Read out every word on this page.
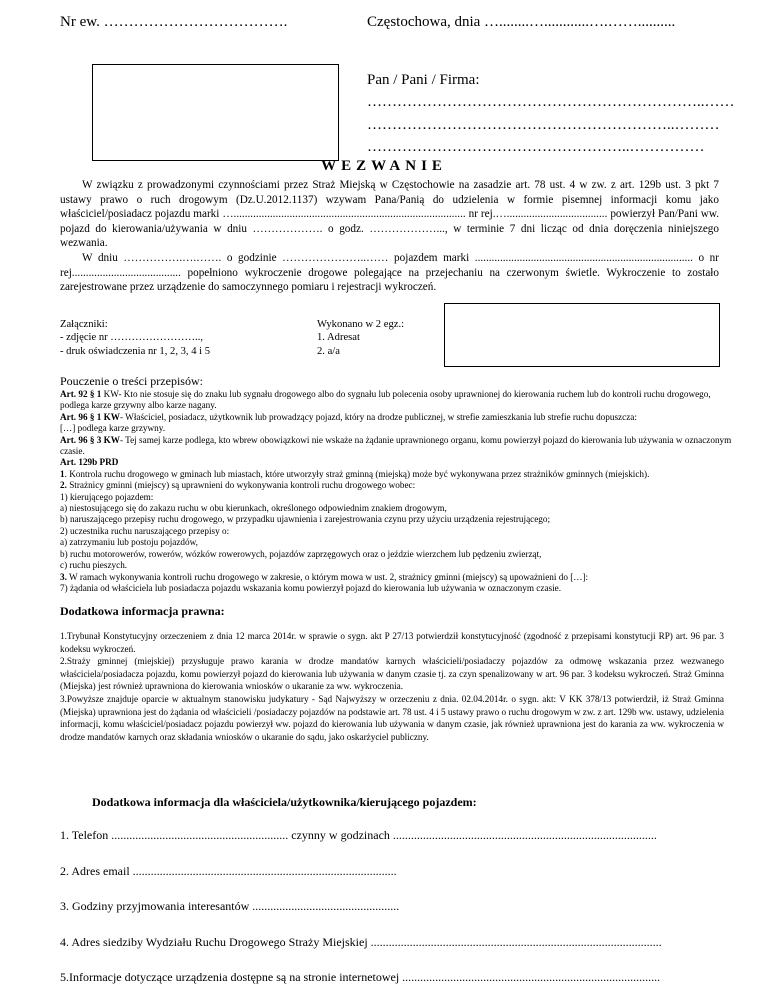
Nr ew. ……………………………….	Częstochowa, dnia …........…............….……..........
Pan / Pani / Firma:
…………………………………………………………..……
……………………………………………………..………
……………………………………………..……………
WEZWANIE

W związku z prowadzonymi czynnościami przez Straż Miejską w Częstochowie na zasadzie art. 78 ust. 4 w zw. z art. 129b ust. 3 pkt 7 ustawy prawo o ruch drogowym (Dz.U.2012.1137) wzywam Pana/Panią do udzielenia w formie pisemnej informacji komu jako właściciel/posiadacz pojazdu marki …................................................................................... nr rej.….................................... powierzył Pan/Pani ww. pojazd do kierowania/używania w dniu ………………. o godz. ………………..., w terminie 7 dni licząc od dnia doręczenia niniejszego wezwania.

W dniu …………….….……. o godzinie …………………..…… pojazdem marki .............................................................................. o nr rej....................................... popełniono wykroczenie drogowe polegające na przejechaniu na czerwonym świetle. Wykroczenie to zostało zarejestrowane przez urządzenie do samoczynnego pomiaru i rejestracji wykroczeń.

Załączniki:
- zdjęcie nr ……………………..,
- druk oświadczenia nr 1, 2, 3, 4 i 5
Wykonano w 2 egz.:
1. Adresat
2. a/a
Pouczenie o treści przepisów:
Art. 92 § 1 KW- Kto nie stosuje się do znaku lub sygnału drogowego albo do sygnału lub polecenia osoby uprawnionej do kierowania ruchem lub do kontroli ruchu drogowego, podlega karze grzywny albo karze nagany.
Art. 96 § 1 KW- Właściciel, posiadacz, użytkownik lub prowadzący pojazd, który na drodze publicznej, w strefie zamieszkania lub strefie ruchu dopuszcza:
[…] podlega karze grzywny.
Art. 96 § 3 KW- Tej samej karze podlega, kto wbrew obowiązkowi nie wskaże na żądanie uprawnionego organu, komu powierzył pojazd do kierowania lub używania w oznaczonym czasie.
Art. 129b PRD
1. Kontrola ruchu drogowego w gminach lub miastach, które utworzyły straż gminną (miejską) może być wykonywana przez strażników gminnych (miejskich).
2. Strażnicy gminni (miejscy) są uprawnieni do wykonywania kontroli ruchu drogowego wobec:
1) kierującego pojazdem:
a) niestosującego się do zakazu ruchu w obu kierunkach, określonego odpowiednim znakiem drogowym,
b) naruszającego przepisy ruchu drogowego, w przypadku ujawnienia i zarejestrowania czynu przy użyciu urządzenia rejestrującego;
2) uczestnika ruchu naruszającego przepisy o:
a) zatrzymaniu lub postoju pojazdów,
b) ruchu motorowerów, rowerów, wózków rowerowych, pojazdów zaprzęgowych oraz o jeździe wierzchem lub pędzeniu zwierząt,
c) ruchu pieszych.
3. W ramach wykonywania kontroli ruchu drogowego w zakresie, o którym mowa w ust. 2, strażnicy gminni (miejscy) są upoważnieni do […]:
7) żądania od właściciela lub posiadacza pojazdu wskazania komu powierzył pojazd do kierowania lub używania w oznaczonym czasie.
Dodatkowa informacja prawna:

1.Trybunał Konstytucyjny orzeczeniem z dnia 12 marca 2014r. w sprawie o sygn. akt P 27/13 potwierdził konstytucyjność (zgodność z przepisami konstytucji RP) art. 96 par. 3 kodeksu wykroczeń.

2.Straży gminnej (miejskiej) przysługuje prawo karania w drodze mandatów karnych właścicieli/posiadaczy pojazdów za odmowę wskazania przez wezwanego właściciela/posiadacza pojazdu, komu powierzył pojazd do kierowania lub używania w danym czasie tj. za czyn spenalizowany w art. 96 par. 3 kodeksu wykroczeń. Straż Gminna (Miejska) jest również uprawniona do kierowania wniosków o ukaranie za ww. wykroczenia.

3.Powyższe znajduje oparcie w aktualnym stanowisku judykatury - Sąd Najwyższy w orzeczeniu z dnia. 02.04.2014r. o sygn. akt: V KK 378/13 potwierdził, iż Straż Gminna (Miejska) uprawniona jest do żądania od właścicieli /posiadaczy pojazdów na podstawie art. 78 ust. 4 i 5 ustawy prawo o ruchu drogowym w zw. z art. 129b ww. ustawy, udzielenia informacji, komu właściciel/posiadacz pojazdu powierzył ww. pojazd do kierowania lub używania w danym czasie, jak również uprawniona jest do karania za ww. wykroczenia w drodze mandatów karnych oraz składania wniosków o ukaranie do sądu, jako oskarżyciel publiczny.

Dodatkowa informacja dla właściciela/użytkownika/kierującego pojazdem:
1. Telefon ........................................................... czynny w godzinach ........................................................................................
2. Adres email ........................................................................................
3. Godziny przyjmowania interesantów .................................................
4. Adres siedziby Wydziału Ruchu Drogowego Straży Miejskiej .................................................................................................
5.Informacje dotyczące urządzenia dostępne są na stronie internetowej ......................................................................................
